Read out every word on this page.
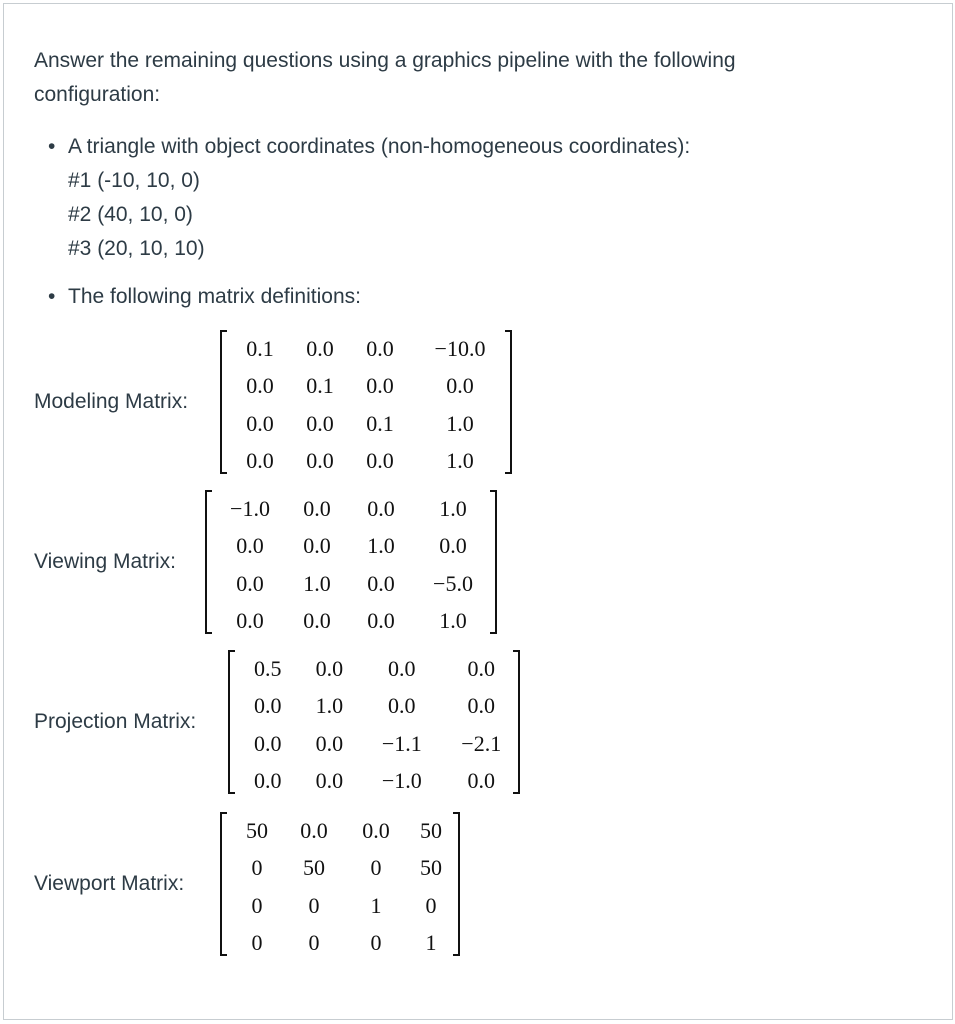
Answer the remaining questions using a graphics pipeline with the following configuration:

• A triangle with object coordinates (non-homogeneous coordinates):
#1 (-10, 10, 0)
#2 (40, 10, 0)
#3 (20, 10, 10)
• The following matrix definitions:
Modeling Matrix:
0.1	0.0	0.0	−10.0
0.0	0.1	0.0	0.0
0.0	0.0	0.1	1.0
0.0	0.0	0.0	1.0
Viewing Matrix:
−1.0	0.0	0.0	1.0
0.0	0.0	1.0	0.0
0.0	1.0	0.0	−5.0
0.0	0.0	0.0	1.0
Projection Matrix:
0.5	0.0	0.0	0.0
0.0	1.0	0.0	0.0
0.0	0.0	−1.1	−2.1
0.0	0.0	−1.0	0.0
Viewport Matrix:
50	0.0	0.0	50
0	50	0	50
0	0	1	0
0	0	0	1
